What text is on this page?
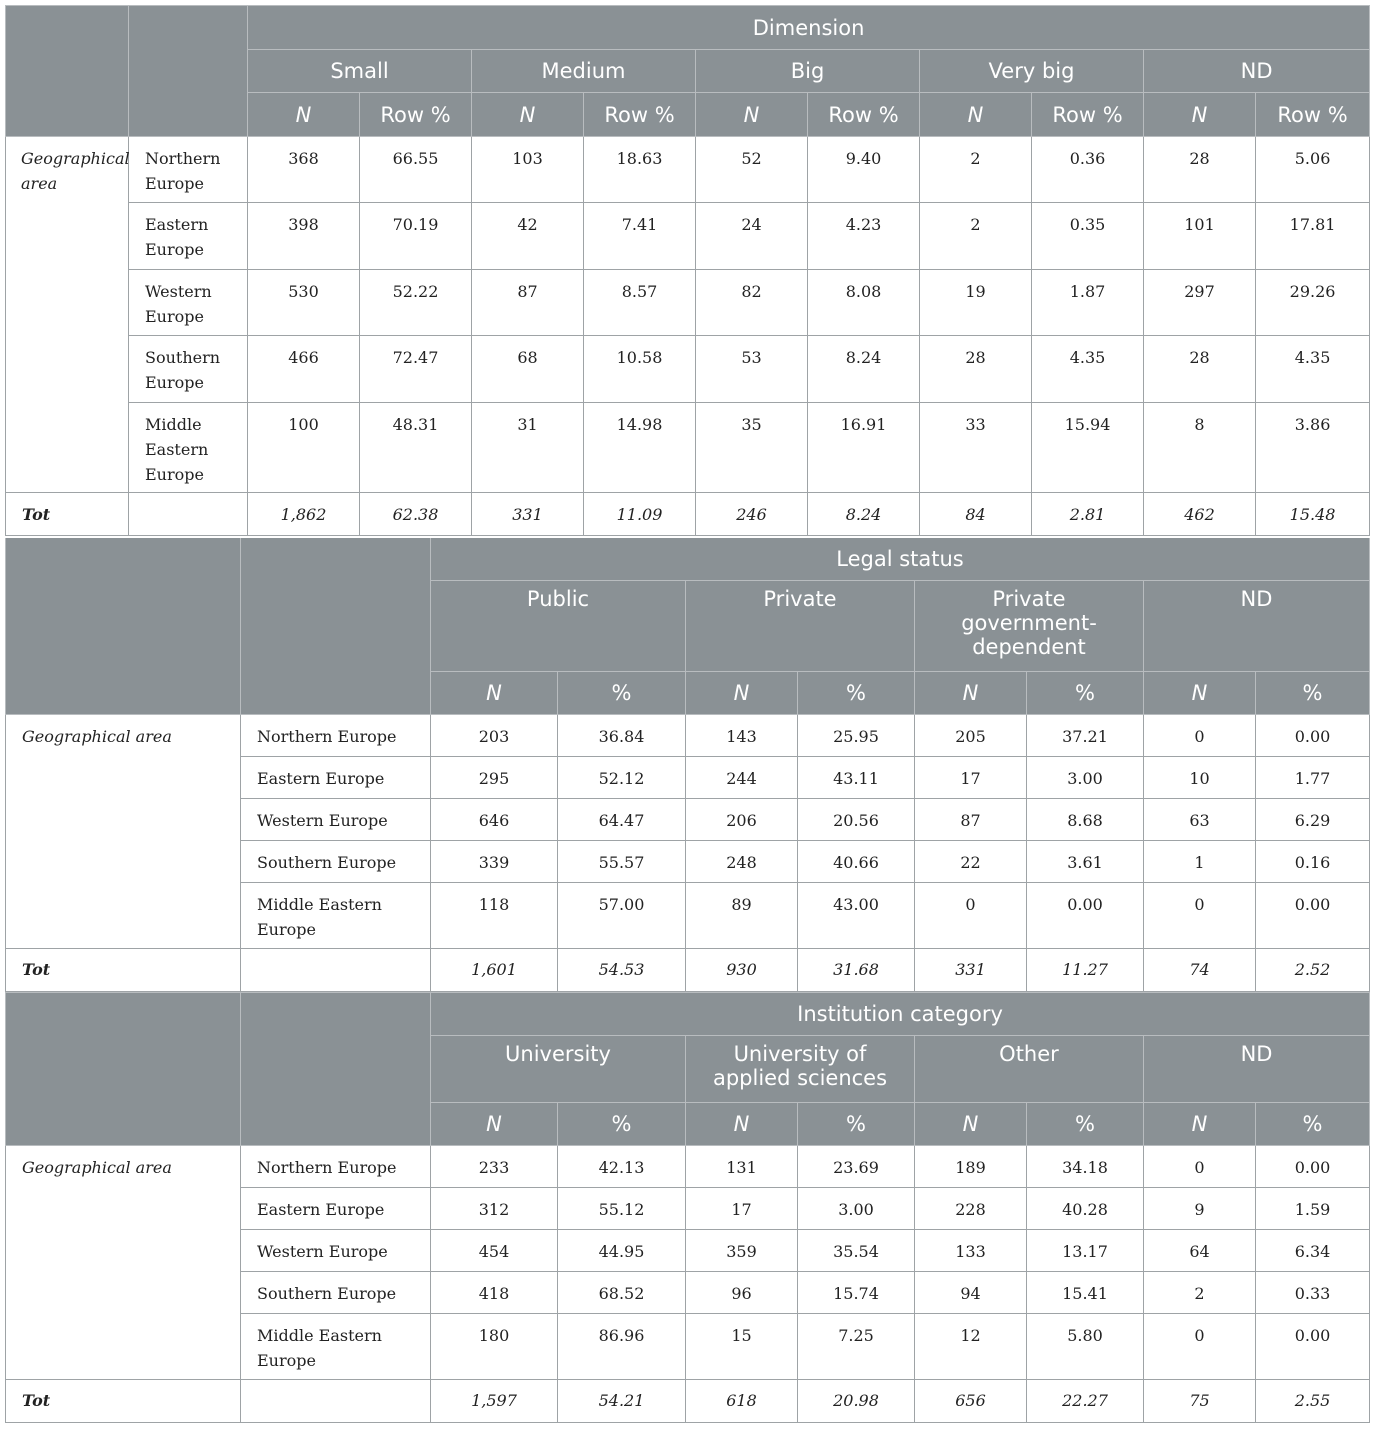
		Dimension									
		Small		Medium		Big		Very big		ND	
		N	Row %	N	Row %	N	Row %	N	Row %	N	Row %

Geographical area	Northern Europe	368	66.55	103	18.63	52	9.40	2	0.36	28	5.06

	Eastern Europe	398	70.19	42	7.41	24	4.23	2	0.35	101	17.81

	Western Europe	530	52.22	87	8.57	82	8.08	19	1.87	297	29.26

	Southern Europe	466	72.47	68	10.58	53	8.24	28	4.35	28	4.35

	Middle Eastern Europe	100	48.31	31	14.98	35	16.91	33	15.94	8	3.86
Tot		1,862	62.38	331	11.09	246	8.24	84	2.81	462	15.48
		Legal status							
		Public		Private		Private government-dependent		ND	
		N	%	N	%	N	%	N	%
Geographical area	Northern Europe	203	36.84	143	25.95	205	37.21	0	0.00
	Eastern Europe	295	52.12	244	43.11	17	3.00	10	1.77
	Western Europe	646	64.47	206	20.56	87	8.68	63	6.29
	Southern Europe	339	55.57	248	40.66	22	3.61	1	0.16

	Middle Eastern Europe	118	57.00	89	43.00	0	0.00	0	0.00
Tot		1,601	54.53	930	31.68	331	11.27	74	2.52
		Institution category							
		University		University of applied sciences		Other		ND	
		N	%	N	%	N	%	N	%
Geographical area	Northern Europe	233	42.13	131	23.69	189	34.18	0	0.00
	Eastern Europe	312	55.12	17	3.00	228	40.28	9	1.59
	Western Europe	454	44.95	359	35.54	133	13.17	64	6.34
	Southern Europe	418	68.52	96	15.74	94	15.41	2	0.33

	Middle Eastern Europe	180	86.96	15	7.25	12	5.80	0	0.00
Tot		1,597	54.21	618	20.98	656	22.27	75	2.55
